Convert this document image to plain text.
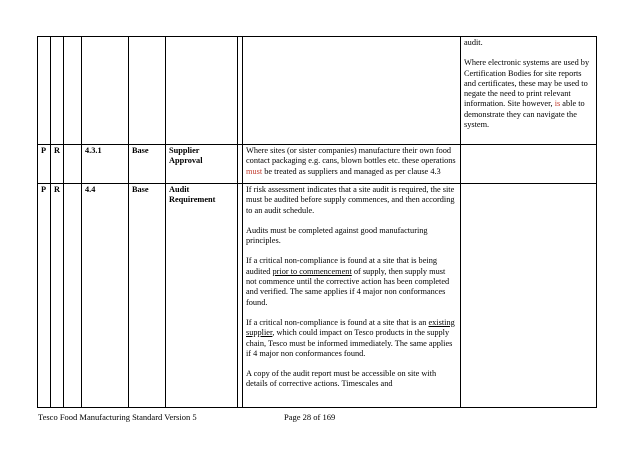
								audit.

Where electronic systems are used by Certification Bodies for site reports and certificates, these may be used to negate the need to print relevant information. Site however, is able to demonstrate they can navigate the system.

P	R		4.3.1	Base	Supplier Approval		Where sites (or sister companies) manufacture their own food contact packaging e.g. cans, blown bottles etc. these operations must be treated as suppliers and managed as per clause 4.3	
P	R		4.4	Base	Audit Requirement		If risk assessment indicates that a site audit is required, the site must be audited before supply commences, and then according to an audit schedule.

Audits must be completed against good manufacturing principles.

If a critical non-compliance is found at a site that is being audited prior to commencement of supply, then supply must not commence until the corrective action has been completed and verified. The same applies if 4 major non conformances found.

If a critical non-compliance is found at a site that is an existing supplier, which could impact on Tesco products in the supply chain, Tesco must be informed immediately. The same applies if 4 major non conformances found.

A copy of the audit report must be accessible on site with details of corrective actions. Timescales and	

Tesco Food Manufacturing Standard Version 5	Page 28 of 169
